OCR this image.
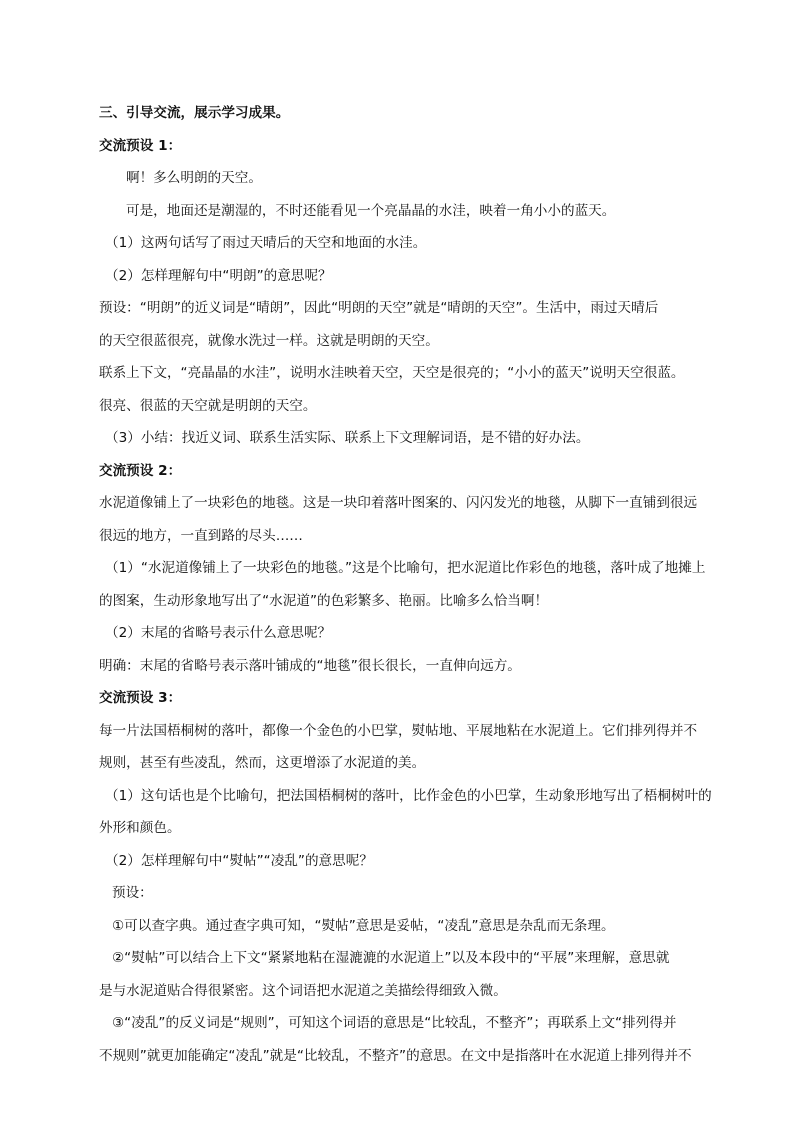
三、引导交流，展示学习成果。
交流预设 1：
啊！多么明朗的天空。
可是，地面还是潮湿的，不时还能看见一个亮晶晶的水洼，映着一角小小的蓝天。
（1）这两句话写了雨过天晴后的天空和地面的水洼。
（2）怎样理解句中“明朗”的意思呢？
预设：“明朗”的近义词是“晴朗”，因此“明朗的天空”就是“晴朗的天空”。生活中，雨过天晴后
的天空很蓝很亮，就像水洗过一样。这就是明朗的天空。
联系上下文，“亮晶晶的水洼”，说明水洼映着天空，天空是很亮的；“小小的蓝天”说明天空很蓝。
很亮、很蓝的天空就是明朗的天空。
（3）小结：找近义词、联系生活实际、联系上下文理解词语，是不错的好办法。
交流预设 2：
水泥道像铺上了一块彩色的地毯。这是一块印着落叶图案的、闪闪发光的地毯，从脚下一直铺到很远
很远的地方，一直到路的尽头……
（1）“水泥道像铺上了一块彩色的地毯。”这是个比喻句，把水泥道比作彩色的地毯，落叶成了地摊上
的图案，生动形象地写出了“水泥道”的色彩繁多、艳丽。比喻多么恰当啊！
（2）末尾的省略号表示什么意思呢？
明确：末尾的省略号表示落叶铺成的“地毯”很长很长，一直伸向远方。
交流预设 3：
每一片法国梧桐树的落叶，都像一个金色的小巴掌，熨帖地、平展地粘在水泥道上。它们排列得并不
规则，甚至有些凌乱，然而，这更增添了水泥道的美。
（1）这句话也是个比喻句，把法国梧桐树的落叶，比作金色的小巴掌，生动象形地写出了梧桐树叶的
外形和颜色。
（2）怎样理解句中“熨帖”“凌乱”的意思呢？
预设：
①可以查字典。通过查字典可知，“熨帖”意思是妥帖，“凌乱”意思是杂乱而无条理。
②“熨帖”可以结合上下文“紧紧地粘在湿漉漉的水泥道上”以及本段中的“平展”来理解，意思就
是与水泥道贴合得很紧密。这个词语把水泥道之美描绘得细致入微。
③“凌乱”的反义词是“规则”，可知这个词语的意思是“比较乱，不整齐”；再联系上文“排列得并
不规则”就更加能确定“凌乱”就是“比较乱，不整齐”的意思。在文中是指落叶在水泥道上排列得并不
